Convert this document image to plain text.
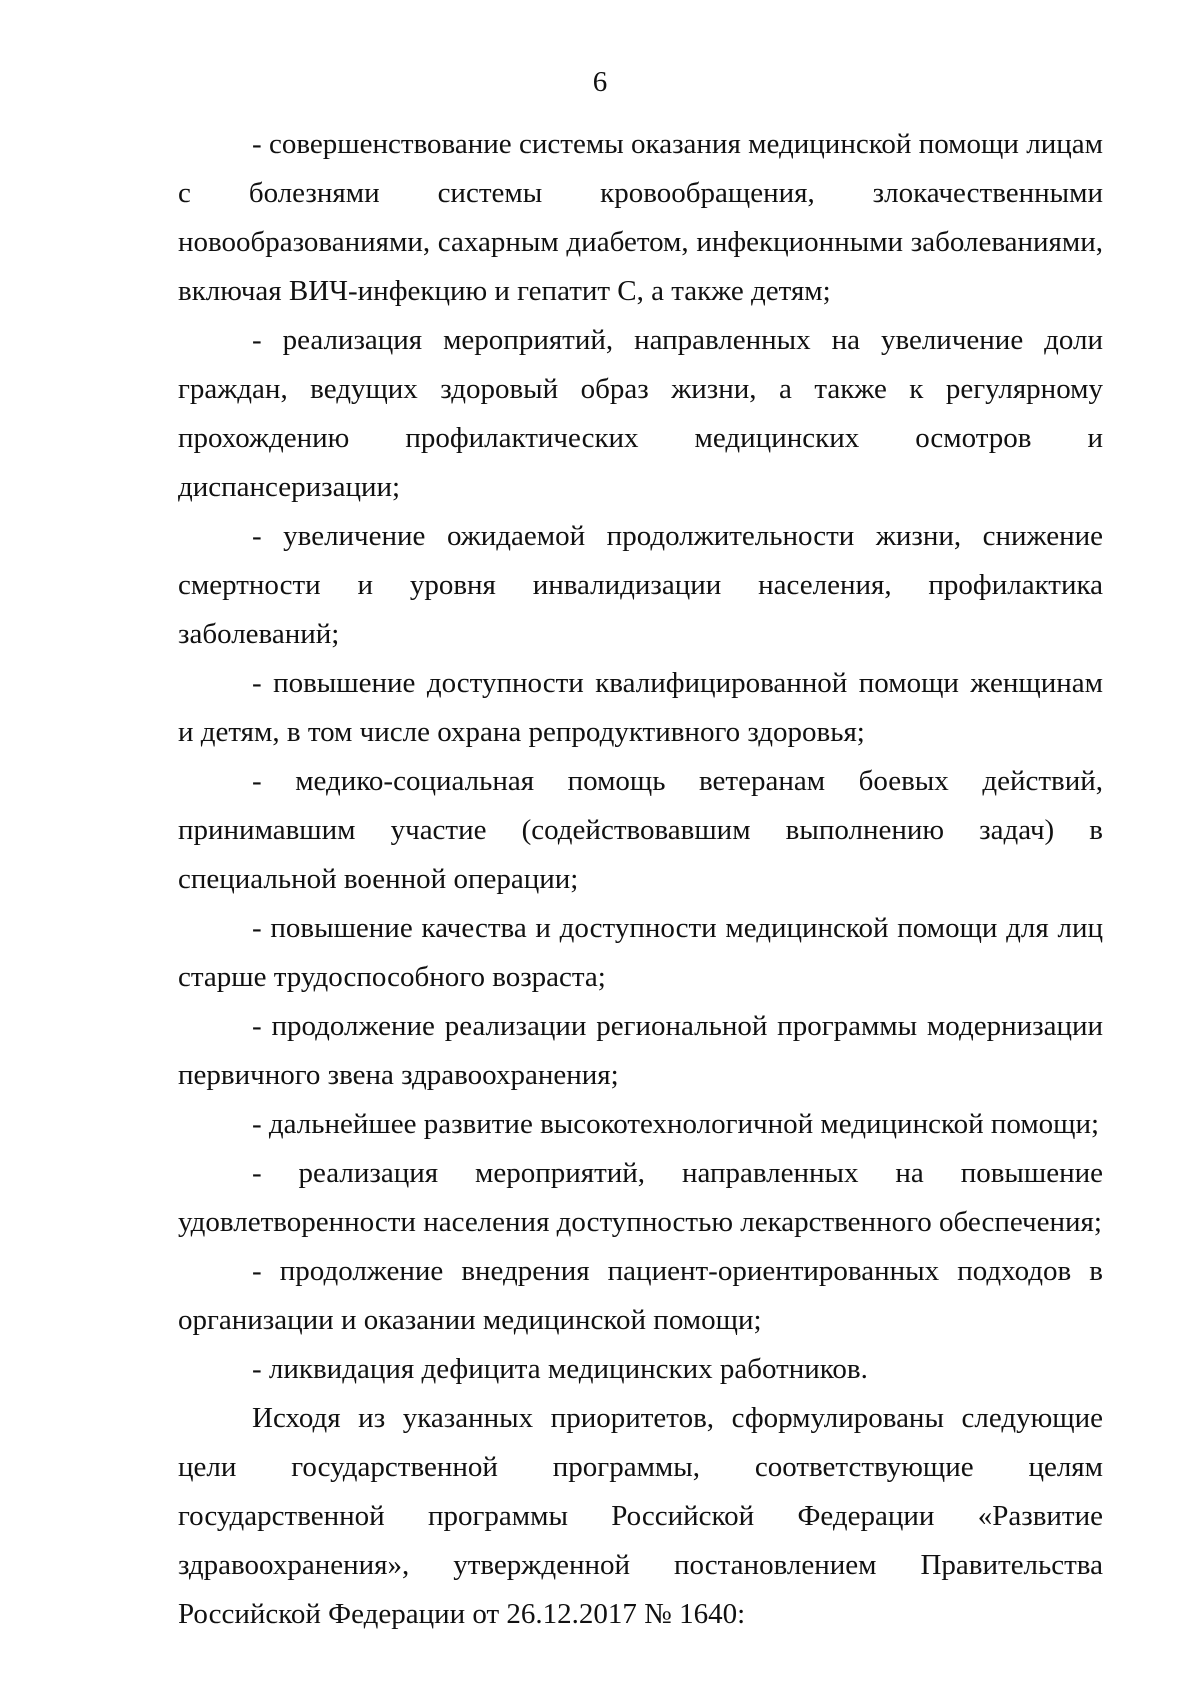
6

- совершенствование системы оказания медицинской помощи лицам с болезнями системы кровообращения, злокачественными новообразованиями, сахарным диабетом, инфекционными заболеваниями, включая ВИЧ-инфекцию и гепатит С, а также детям;

- реализация мероприятий, направленных на увеличение доли граждан, ведущих здоровый образ жизни, а также к регулярному прохождению профилактических медицинских осмотров и диспансеризации;

- увеличение ожидаемой продолжительности жизни, снижение смертности и уровня инвалидизации населения, профилактика заболеваний;

- повышение доступности квалифицированной помощи женщинам и детям, в том числе охрана репродуктивного здоровья;

- медико-социальная помощь ветеранам боевых действий, принимавшим участие (содействовавшим выполнению задач) в специальной военной операции;

- повышение качества и доступности медицинской помощи для лиц старше трудоспособного возраста;

- продолжение реализации региональной программы модернизации первичного звена здравоохранения;

- дальнейшее развитие высокотехнологичной медицинской помощи;

- реализация мероприятий, направленных на повышение удовлетворенности населения доступностью лекарственного обеспечения;

- продолжение внедрения пациент-ориентированных подходов в организации и оказании медицинской помощи;

- ликвидация дефицита медицинских работников.

Исходя из указанных приоритетов, сформулированы следующие цели государственной программы, соответствующие целям государственной программы Российской Федерации «Развитие здравоохранения», утвержденной постановлением Правительства Российской Федерации от 26.12.2017 № 1640:
